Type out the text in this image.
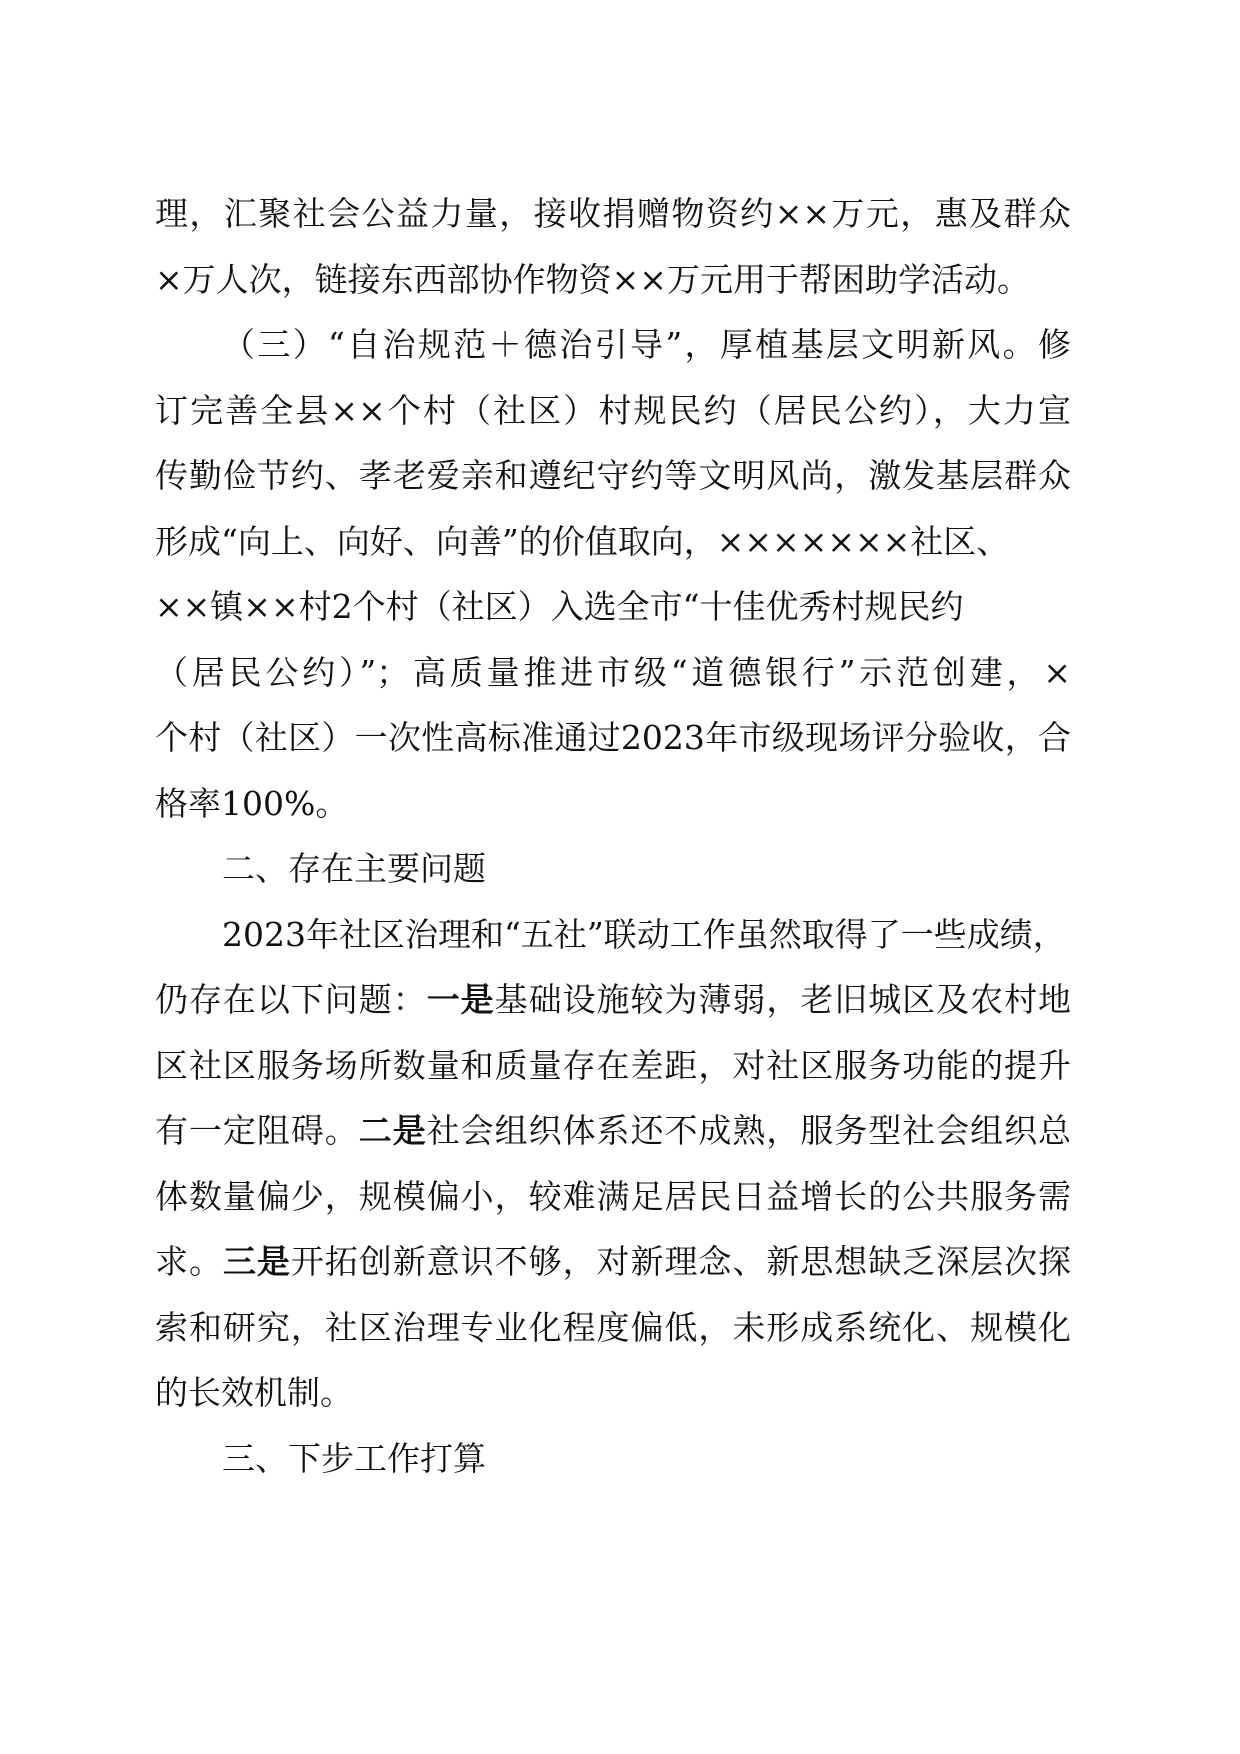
理，汇聚社会公益力量，接收捐赠物资约××万元，惠及群众
×万人次，链接东西部协作物资××万元用于帮困助学活动。
（三）“自治规范＋德治引导”，厚植基层文明新风。修
订完善全县××个村（社区）村规民约（居民公约），大力宣
传勤俭节约、孝老爱亲和遵纪守约等文明风尚，激发基层群众
形成“向上、向好、向善”的价值取向，×××××××社区、
××镇××村2个村（社区）入选全市“十佳优秀村规民约
（居民公约）”；高质量推进市级“道德银行”示范创建，×
个村（社区）一次性高标准通过2023年市级现场评分验收，合
格率100%。
二、存在主要问题
2023年社区治理和“五社”联动工作虽然取得了一些成绩，
仍存在以下问题：一是基础设施较为薄弱，老旧城区及农村地
区社区服务场所数量和质量存在差距，对社区服务功能的提升
有一定阻碍。二是社会组织体系还不成熟，服务型社会组织总
体数量偏少，规模偏小，较难满足居民日益增长的公共服务需
求。三是开拓创新意识不够，对新理念、新思想缺乏深层次探
索和研究，社区治理专业化程度偏低，未形成系统化、规模化
的长效机制。
三、下步工作打算
